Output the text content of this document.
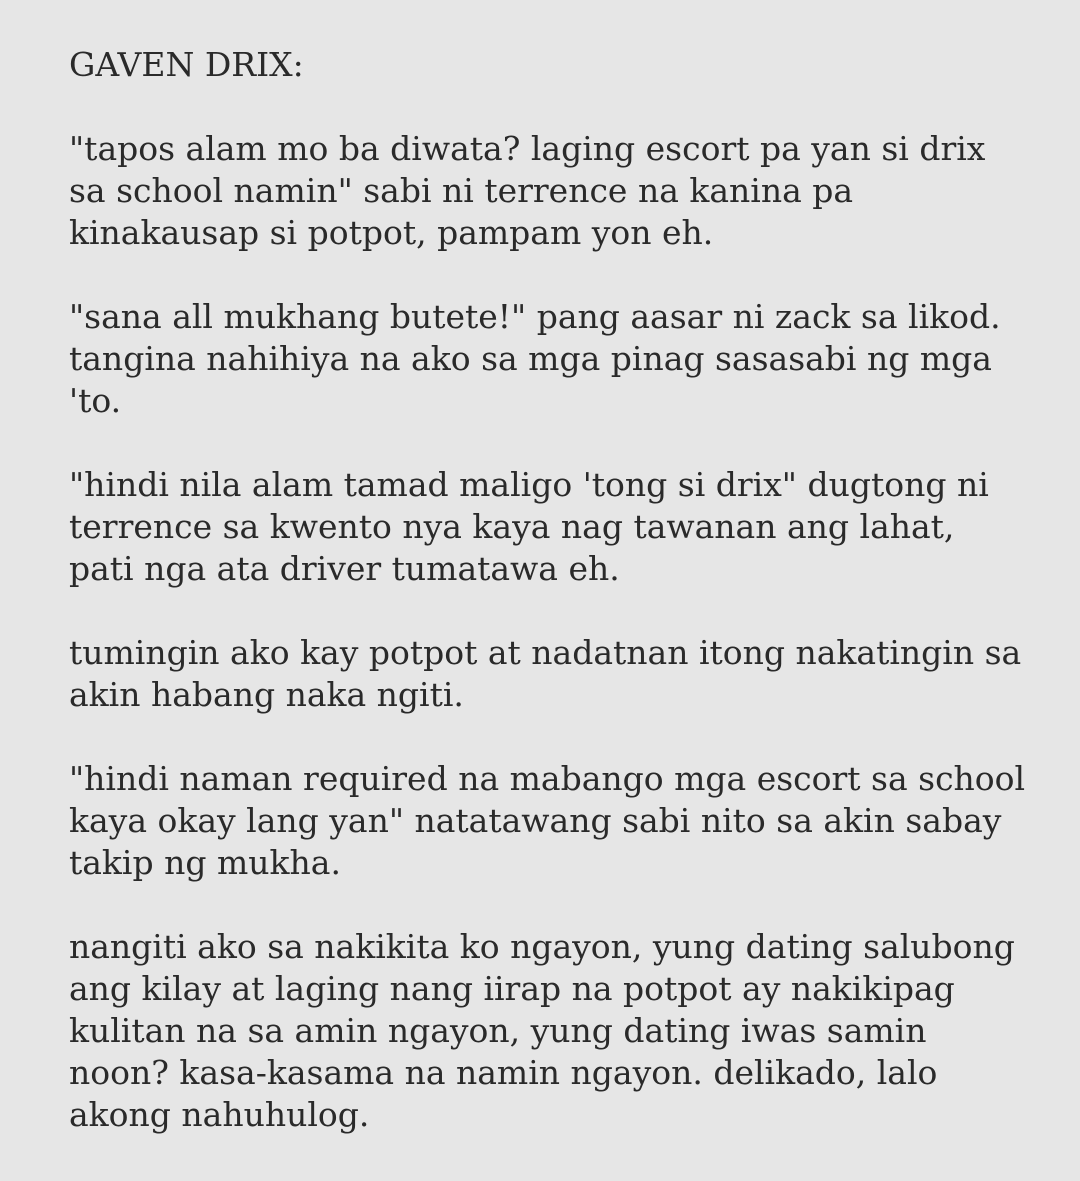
GAVEN DRIX:

"tapos alam mo ba diwata? laging escort pa yan si drix sa school namin" sabi ni terrence na kanina pa kinakausap si potpot, pampam yon eh.

"sana all mukhang butete!" pang aasar ni zack sa likod. tangina nahihiya na ako sa mga pinag sasasabi ng mga 'to.

"hindi nila alam tamad maligo 'tong si drix" dugtong ni terrence sa kwento nya kaya nag tawanan ang lahat, pati nga ata driver tumatawa eh.

tumingin ako kay potpot at nadatnan itong nakatingin sa akin habang naka ngiti.

"hindi naman required na mabango mga escort sa school kaya okay lang yan" natatawang sabi nito sa akin sabay takip ng mukha.

nangiti ako sa nakikita ko ngayon, yung dating salubong ang kilay at laging nang iirap na potpot ay nakikipag kulitan na sa amin ngayon, yung dating iwas samin noon? kasa-kasama na namin ngayon. delikado, lalo akong nahuhulog.
